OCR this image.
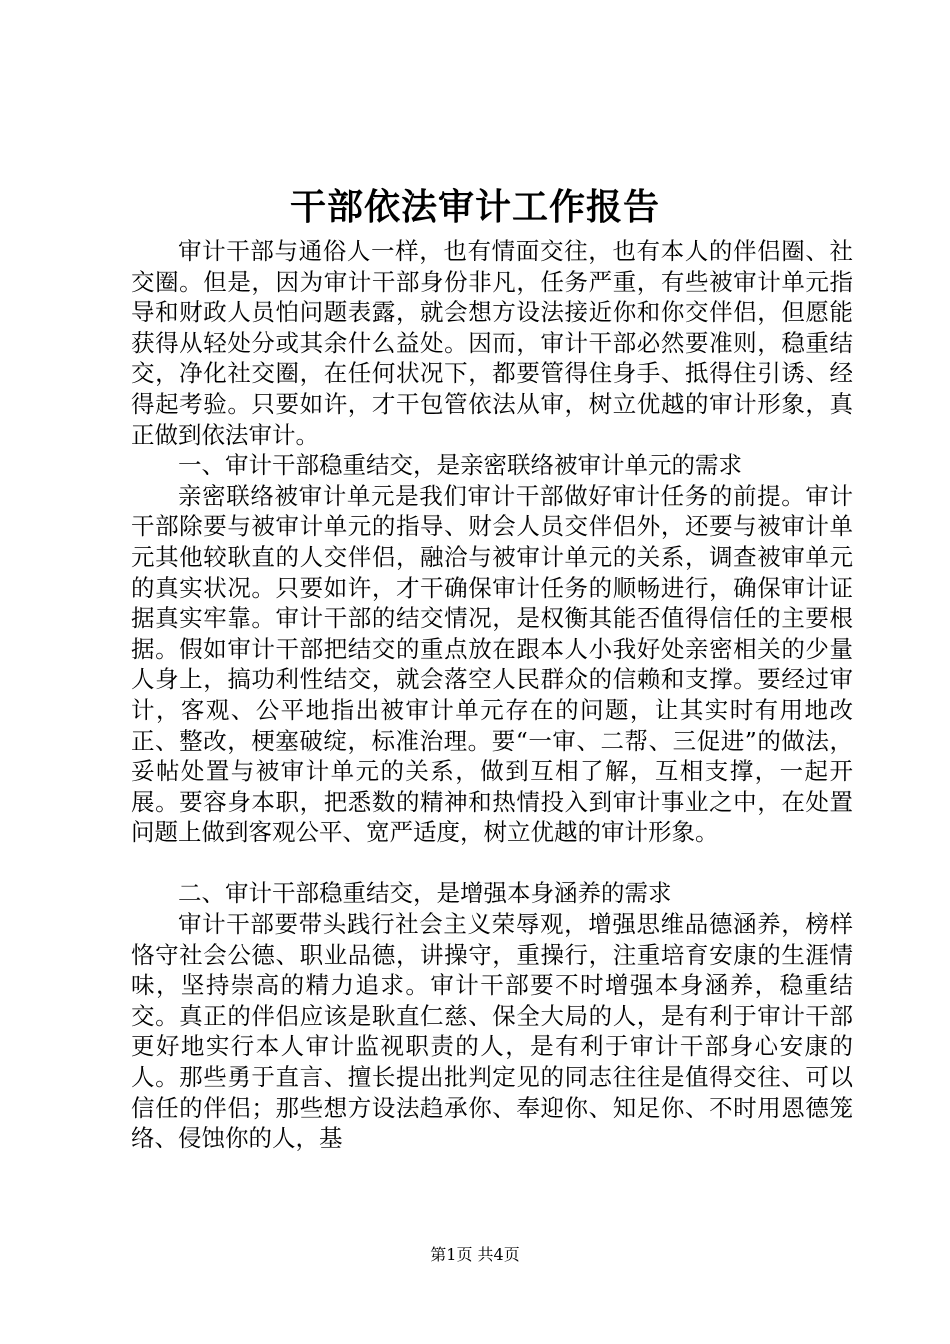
干部依法审计工作报告

审计干部与通俗人一样，也有情面交往，也有本人的伴侣圈、社交圈。但是，因为审计干部身份非凡，任务严重，有些被审计单元指导和财政人员怕问题表露，就会想方设法接近你和你交伴侣，但愿能获得从轻处分或其余什么益处。因而，审计干部必然要准则，稳重结交，净化社交圈，在任何状况下，都要管得住身手、抵得住引诱、经得起考验。只要如许，才干包管依法从审，树立优越的审计形象，真正做到依法审计。

一、审计干部稳重结交，是亲密联络被审计单元的需求

亲密联络被审计单元是我们审计干部做好审计任务的前提。审计干部除要与被审计单元的指导、财会人员交伴侣外，还要与被审计单元其他较耿直的人交伴侣，融洽与被审计单元的关系，调查被审单元的真实状况。只要如许，才干确保审计任务的顺畅进行，确保审计证据真实牢靠。审计干部的结交情况，是权衡其能否值得信任的主要根据。假如审计干部把结交的重点放在跟本人小我好处亲密相关的少量人身上，搞功利性结交，就会落空人民群众的信赖和支撑。要经过审计，客观、公平地指出被审计单元存在的问题，让其实时有用地改正、整改，梗塞破绽，标准治理。要“一审、二帮、三促进”的做法，妥帖处置与被审计单元的关系，做到互相了解，互相支撑，一起开展。要容身本职，把悉数的精神和热情投入到审计事业之中，在处置问题上做到客观公平、宽严适度，树立优越的审计形象。

二、审计干部稳重结交，是增强本身涵养的需求

审计干部要带头践行社会主义荣辱观，增强思维品德涵养，榜样恪守社会公德、职业品德，讲操守，重操行，注重培育安康的生涯情味，坚持崇高的精力追求。审计干部要不时增强本身涵养，稳重结交。真正的伴侣应该是耿直仁慈、保全大局的人，是有利于审计干部更好地实行本人审计监视职责的人，是有利于审计干部身心安康的人。那些勇于直言、擅长提出批判定见的同志往往是值得交往、可以信任的伴侣；那些想方设法趋承你、奉迎你、知足你、不时用恩德笼络、侵蚀你的人，基

第1页 共4页
